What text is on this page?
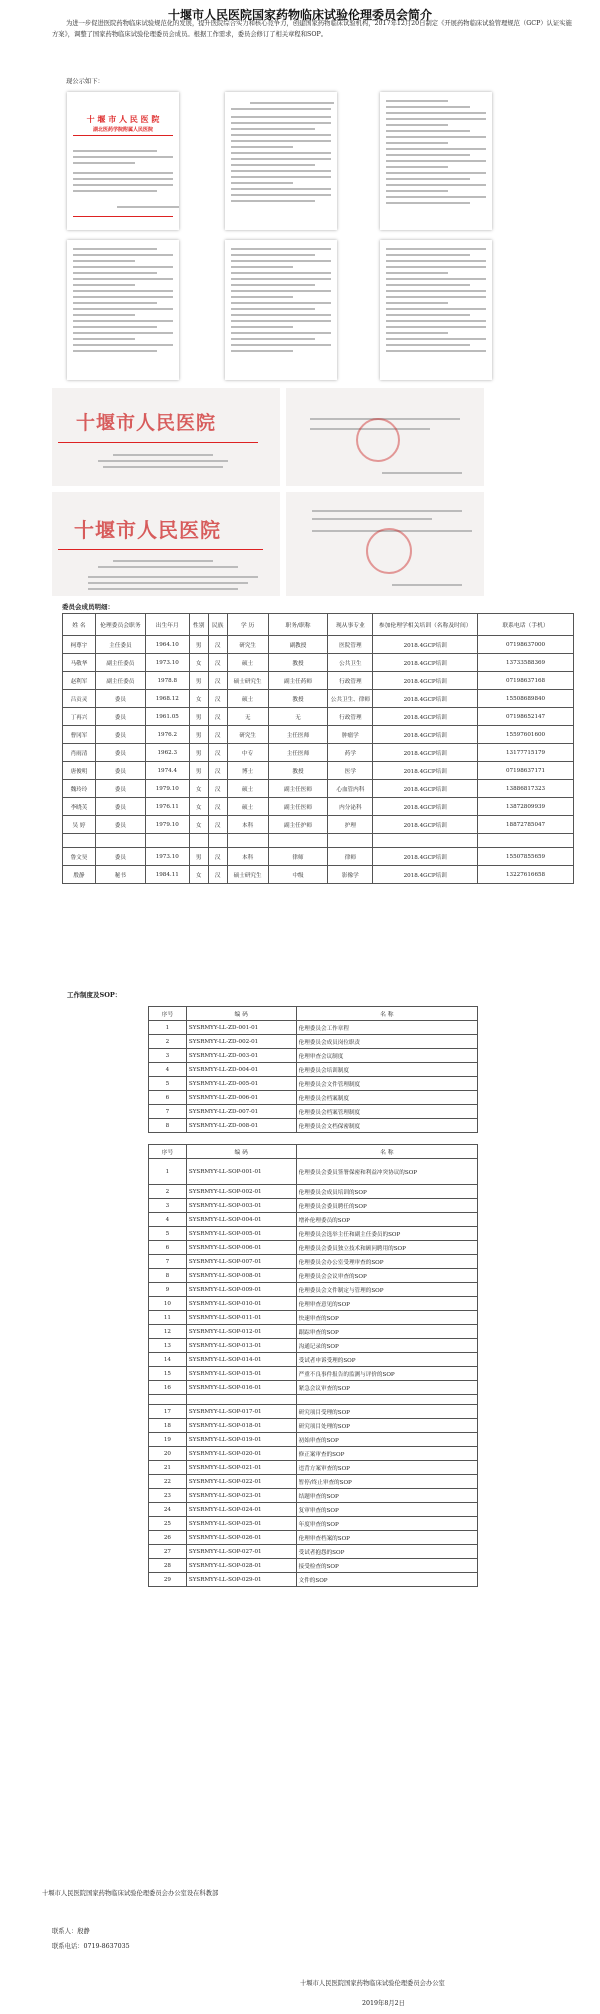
十堰市人民医院国家药物临床试验伦理委员会简介
为进一步促进医院药物临床试验规范化的发展，提升医院综合实力和核心竞争力，创建国家药物临床试验机构，2017年12月20日制定《开展药物临床试验管理规范（GCP）认证实施方案》，调整了国家药物临床试验伦理委员会成员。根据工作需求，委员会修订了相关章程和SOP。
现公示如下：
十 堰 市 人 民 医 院
湖北医药学院附属人民医院
十堰市人民医院
十堰市人民医院
委员会成员明细：
姓 名	伦理委员会职务	出生年月	性别	民族	学 历	职务/职称	现从事专业	参加伦理学相关培训（名称及时间）	联系电话（手机）
柯尊宇	主任委员	1964.10	男	汉	研究生	副教授	医院管理	2018.4GCP培训	07198637000
马敬华	副主任委员	1973.10	女	汉	硕士	教授	公共卫生	2018.4GCP培训	13733588369
赵利军	副主任委员	1978.8	男	汉	硕士研究生	副主任药师	行政管理	2018.4GCP培训	07198637168
吕贡灵	委员	1968.12	女	汉	硕士	教授	公共卫生、律师	2018.4GCP培训	15508689840
丁再兴	委员	1961.05	男	汉	无	无	行政管理	2018.4GCP培训	07198652147
曹冈军	委员	1976.2	男	汉	研究生	主任医师	肿瘤学	2018.4GCP培训	15597601600
肖雨清	委员	1962.3	男	汉	中专	主任医师	药学	2018.4GCP培训	13177715179
唐俊明	委员	1974.4	男	汉	博士	教授	医学	2018.4GCP培训	07198637171
魏玲玲	委员	1979.10	女	汉	硕士	副主任医师	心血管内科	2018.4GCP培训	13886817323
李晓芙	委员	1976.11	女	汉	硕士	副主任医师	内分泌科	2018.4GCP培训	13872809939
吴 婷	委员	1979.10	女	汉	本科	副主任护师	护理	2018.4GCP培训	18872785047

鲁文昊	委员	1973.10	男	汉	本科	律师	律师	2018.4GCP培训	15507855659
殷静	秘书	1984.11	女	汉	硕士研究生	中级	影像学	2018.4GCP培训	13227616658
工作制度及SOP：
序号	编 码	名 称
1	SYSRMYY-LL-ZD-001-01	伦理委员会工作章程
2	SYSRMYY-LL-ZD-002-01	伦理委员会成员岗位职责
3	SYSRMYY-LL-ZD-003-01	伦理审查会议制度
4	SYSRMYY-LL-ZD-004-01	伦理委员会培训制度
5	SYSRMYY-LL-ZD-005-01	伦理委员会文件管理制度
6	SYSRMYY-LL-ZD-006-01	伦理委员会档案制度
7	SYSRMYY-LL-ZD-007-01	伦理委员会档案管理制度
8	SYSRMYY-LL-ZD-008-01	伦理委员会文档保密制度
序号	编 码	名 称
1	SYSRMYY-LL-SOP-001-01	伦理委员会委员签署保密和利益冲突协议的SOP
2	SYSRMYY-LL-SOP-002-01	伦理委员会成员培训的SOP
3	SYSRMYY-LL-SOP-003-01	伦理委员会委员聘任的SOP
4	SYSRMYY-LL-SOP-004-01	增补伦理委员的SOP
5	SYSRMYY-LL-SOP-005-01	伦理委员会选举主任和副主任委员的SOP
6	SYSRMYY-LL-SOP-006-01	伦理委员会委员独立技术和顾问聘用的SOP
7	SYSRMYY-LL-SOP-007-01	伦理委员会办公室受理审查的SOP
8	SYSRMYY-LL-SOP-008-01	伦理委员会会议审查的SOP
9	SYSRMYY-LL-SOP-009-01	伦理委员会文件制定与管理的SOP
10	SYSRMYY-LL-SOP-010-01	伦理审查意见的SOP
11	SYSRMYY-LL-SOP-011-01	快速审查的SOP
12	SYSRMYY-LL-SOP-012-01	跟踪审查的SOP
13	SYSRMYY-LL-SOP-013-01	沟通记录的SOP
14	SYSRMYY-LL-SOP-014-01	受试者申诉受理的SOP
15	SYSRMYY-LL-SOP-015-01	严重不良事件报告的监测与评价的SOP
16	SYSRMYY-LL-SOP-016-01	紧急会议审查的SOP

17	SYSRMYY-LL-SOP-017-01	研究项目受理的SOP
18	SYSRMYY-LL-SOP-018-01	研究项目处理的SOP
19	SYSRMYY-LL-SOP-019-01	初始审查的SOP
20	SYSRMYY-LL-SOP-020-01	修正案审查的SOP
21	SYSRMYY-LL-SOP-021-01	违背方案审查的SOP
22	SYSRMYY-LL-SOP-022-01	暂停/终止审查的SOP
23	SYSRMYY-LL-SOP-023-01	结题审查的SOP
24	SYSRMYY-LL-SOP-024-01	复审审查的SOP
25	SYSRMYY-LL-SOP-025-01	年度审查的SOP
26	SYSRMYY-LL-SOP-026-01	伦理审查档案的SOP
27	SYSRMYY-LL-SOP-027-01	受试者抱怨的SOP
28	SYSRMYY-LL-SOP-028-01	接受检查的SOP
29	SYSRMYY-LL-SOP-029-01	文件的SOP
十堰市人民医院国家药物临床试验伦理委员会办公室设在科教部
联系人：殷静
联系电话：0719-8637035
十堰市人民医院国家药物临床试验伦理委员会办公室
2019年8月2日
